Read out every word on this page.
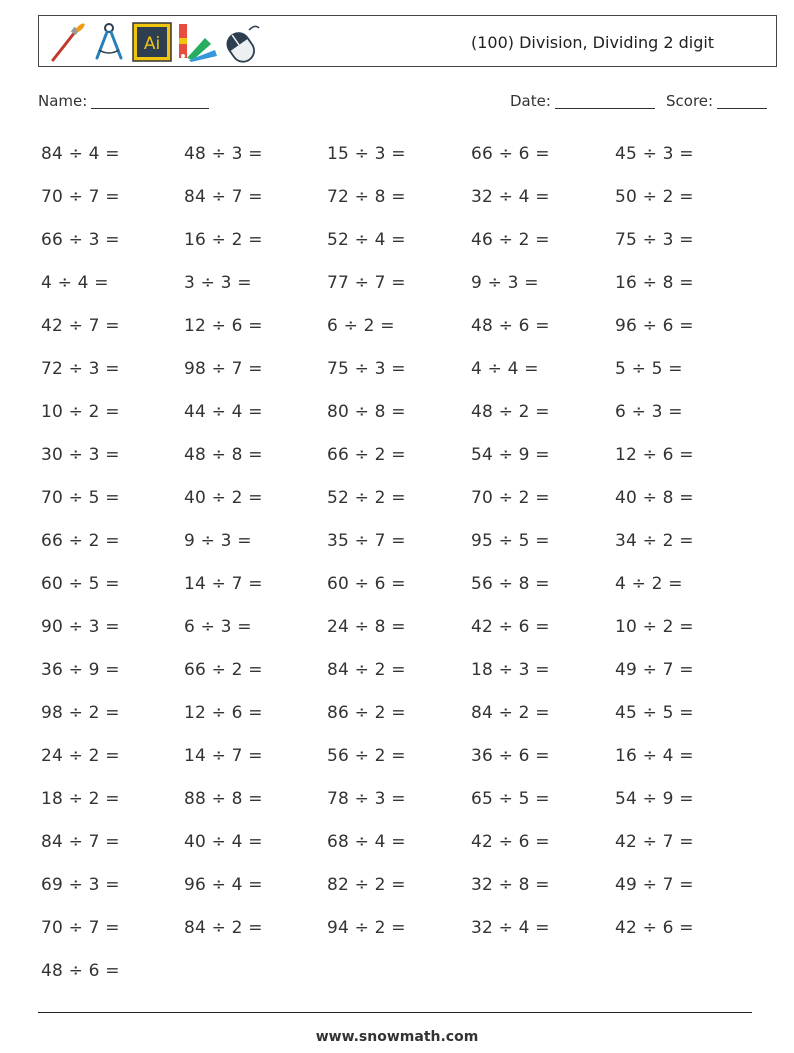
Ai	(100) Division, Dividing 2 digit
Name:	Date:	Score:
84 ÷ 4 =	48 ÷ 3 =	15 ÷ 3 =	66 ÷ 6 =	45 ÷ 3 =
70 ÷ 7 =	84 ÷ 7 =	72 ÷ 8 =	32 ÷ 4 =	50 ÷ 2 =
66 ÷ 3 =	16 ÷ 2 =	52 ÷ 4 =	46 ÷ 2 =	75 ÷ 3 =
4 ÷ 4 =	3 ÷ 3 =	77 ÷ 7 =	9 ÷ 3 =	16 ÷ 8 =
42 ÷ 7 =	12 ÷ 6 =	6 ÷ 2 =	48 ÷ 6 =	96 ÷ 6 =
72 ÷ 3 =	98 ÷ 7 =	75 ÷ 3 =	4 ÷ 4 =	5 ÷ 5 =
10 ÷ 2 =	44 ÷ 4 =	80 ÷ 8 =	48 ÷ 2 =	6 ÷ 3 =
30 ÷ 3 =	48 ÷ 8 =	66 ÷ 2 =	54 ÷ 9 =	12 ÷ 6 =
70 ÷ 5 =	40 ÷ 2 =	52 ÷ 2 =	70 ÷ 2 =	40 ÷ 8 =
66 ÷ 2 =	9 ÷ 3 =	35 ÷ 7 =	95 ÷ 5 =	34 ÷ 2 =
60 ÷ 5 =	14 ÷ 7 =	60 ÷ 6 =	56 ÷ 8 =	4 ÷ 2 =
90 ÷ 3 =	6 ÷ 3 =	24 ÷ 8 =	42 ÷ 6 =	10 ÷ 2 =
36 ÷ 9 =	66 ÷ 2 =	84 ÷ 2 =	18 ÷ 3 =	49 ÷ 7 =
98 ÷ 2 =	12 ÷ 6 =	86 ÷ 2 =	84 ÷ 2 =	45 ÷ 5 =
24 ÷ 2 =	14 ÷ 7 =	56 ÷ 2 =	36 ÷ 6 =	16 ÷ 4 =
18 ÷ 2 =	88 ÷ 8 =	78 ÷ 3 =	65 ÷ 5 =	54 ÷ 9 =
84 ÷ 7 =	40 ÷ 4 =	68 ÷ 4 =	42 ÷ 6 =	42 ÷ 7 =
69 ÷ 3 =	96 ÷ 4 =	82 ÷ 2 =	32 ÷ 8 =	49 ÷ 7 =
70 ÷ 7 =	84 ÷ 2 =	94 ÷ 2 =	32 ÷ 4 =	42 ÷ 6 =
48 ÷ 6 =
www.snowmath.com
